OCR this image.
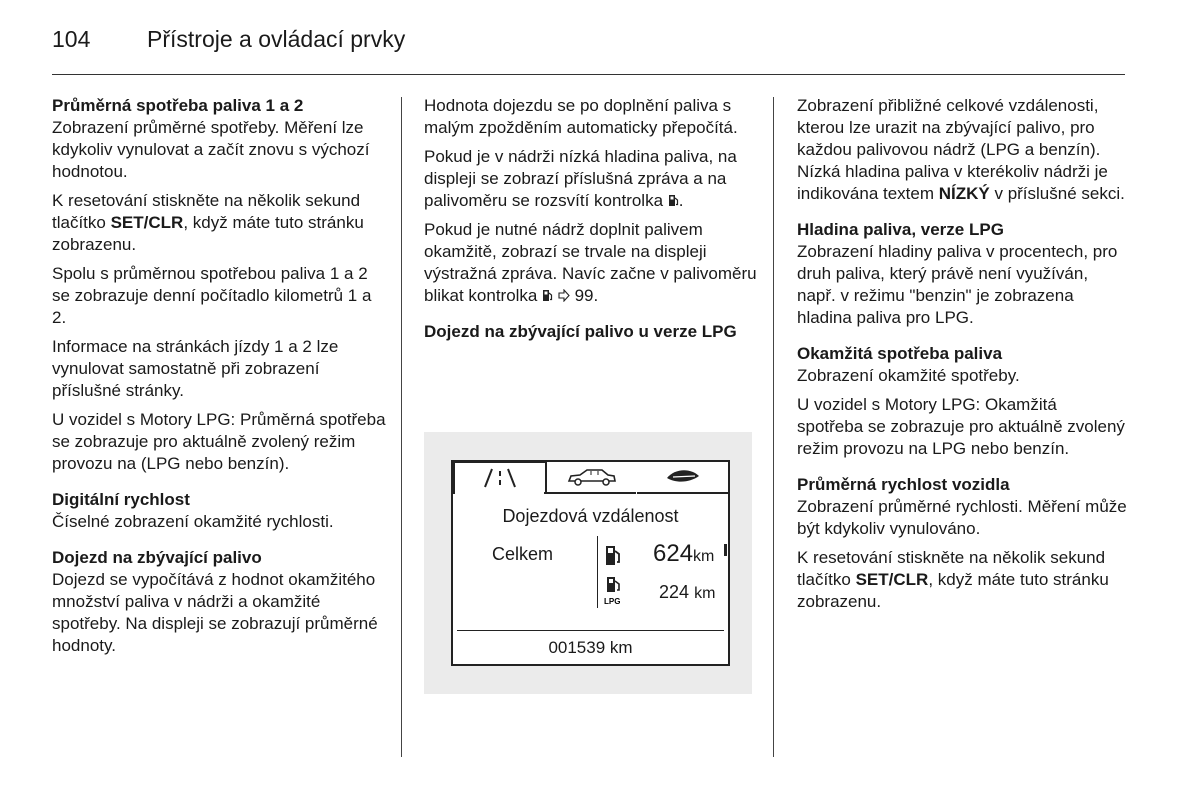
104 Přístroje a ovládací prvky
Průměrná spotřeba paliva 1 a 2

Zobrazení průměrné spotřeby. Měření lze kdykoliv vynulovat a začít znovu s výchozí hodnotou.

K resetování stiskněte na několik sekund tlačítko SET/CLR, když máte tuto stránku zobrazenu.

Spolu s průměrnou spotřebou paliva 1 a 2 se zobrazuje denní počítadlo kilometrů 1 a 2.

Informace na stránkách jízdy 1 a 2 lze vynulovat samostatně při zobrazení příslušné stránky.

U vozidel s Motory LPG: Průměrná spotřeba se zobrazuje pro aktuálně zvolený režim provozu na (LPG nebo benzín).

Digitální rychlost

Číselné zobrazení okamžité rychlosti.

Dojezd na zbývající palivo

Dojezd se vypočítává z hodnot okamžitého množství paliva v nádrži a okamžité spotřeby. Na displeji se zobrazují průměrné hodnoty.

Hodnota dojezdu se po doplnění paliva s malým zpožděním automaticky přepočítá.

Pokud je v nádrži nízká hladina paliva, na displeji se zobrazí příslušná zpráva a na palivoměru se rozsvítí kontrolka .

Pokud je nutné nádrž doplnit palivem okamžitě, zobrazí se trvale na displeji výstražná zpráva. Navíc začne v palivoměru blikat kontrolka   99.

Dojezd na zbývající palivo u verze LPG
Dojezdová vzdálenost
Celkem	624km
LPG 224 km
001539 km

Zobrazení přibližné celkové vzdálenosti, kterou lze urazit na zbývající palivo, pro každou palivovou nádrž (LPG a benzín). Nízká hladina paliva v kterékoliv nádrži je indikována textem NÍZKÝ v příslušné sekci.

Hladina paliva, verze LPG

Zobrazení hladiny paliva v procentech, pro druh paliva, který právě není využíván, např. v režimu "benzin" je zobrazena hladina paliva pro LPG.

Okamžitá spotřeba paliva

Zobrazení okamžité spotřeby.

U vozidel s Motory LPG: Okamžitá spotřeba se zobrazuje pro aktuálně zvolený režim provozu na LPG nebo benzín.

Průměrná rychlost vozidla

Zobrazení průměrné rychlosti. Měření může být kdykoliv vynulováno.

K resetování stiskněte na několik sekund tlačítko SET/CLR, když máte tuto stránku zobrazenu.
